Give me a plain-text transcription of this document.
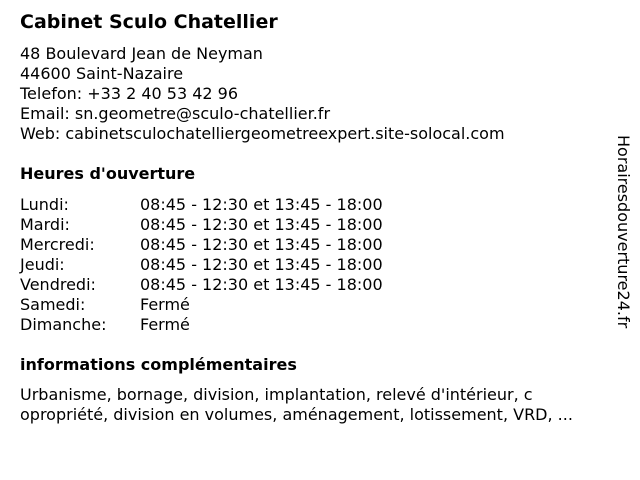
Cabinet Sculo Chatellier
48 Boulevard Jean de Neyman
44600 Saint-Nazaire
Telefon: +33 2 40 53 42 96
Email: sn.geometre@sculo-chatellier.fr
Web: cabinetsculochatelliergeometreexpert.site-solocal.com
Heures d'ouverture
Lundi:	08:45 - 12:30 et 13:45 - 18:00
Mardi:	08:45 - 12:30 et 13:45 - 18:00
Mercredi:	08:45 - 12:30 et 13:45 - 18:00
Jeudi:	08:45 - 12:30 et 13:45 - 18:00
Vendredi:	08:45 - 12:30 et 13:45 - 18:00
Samedi:	Fermé
Dimanche:	Fermé
informations complémentaires
Urbanisme, bornage, division, implantation, relevé d'intérieur, c
opropriété, division en volumes, aménagement, lotissement, VRD, ...
Horairesdouverture24.fr
